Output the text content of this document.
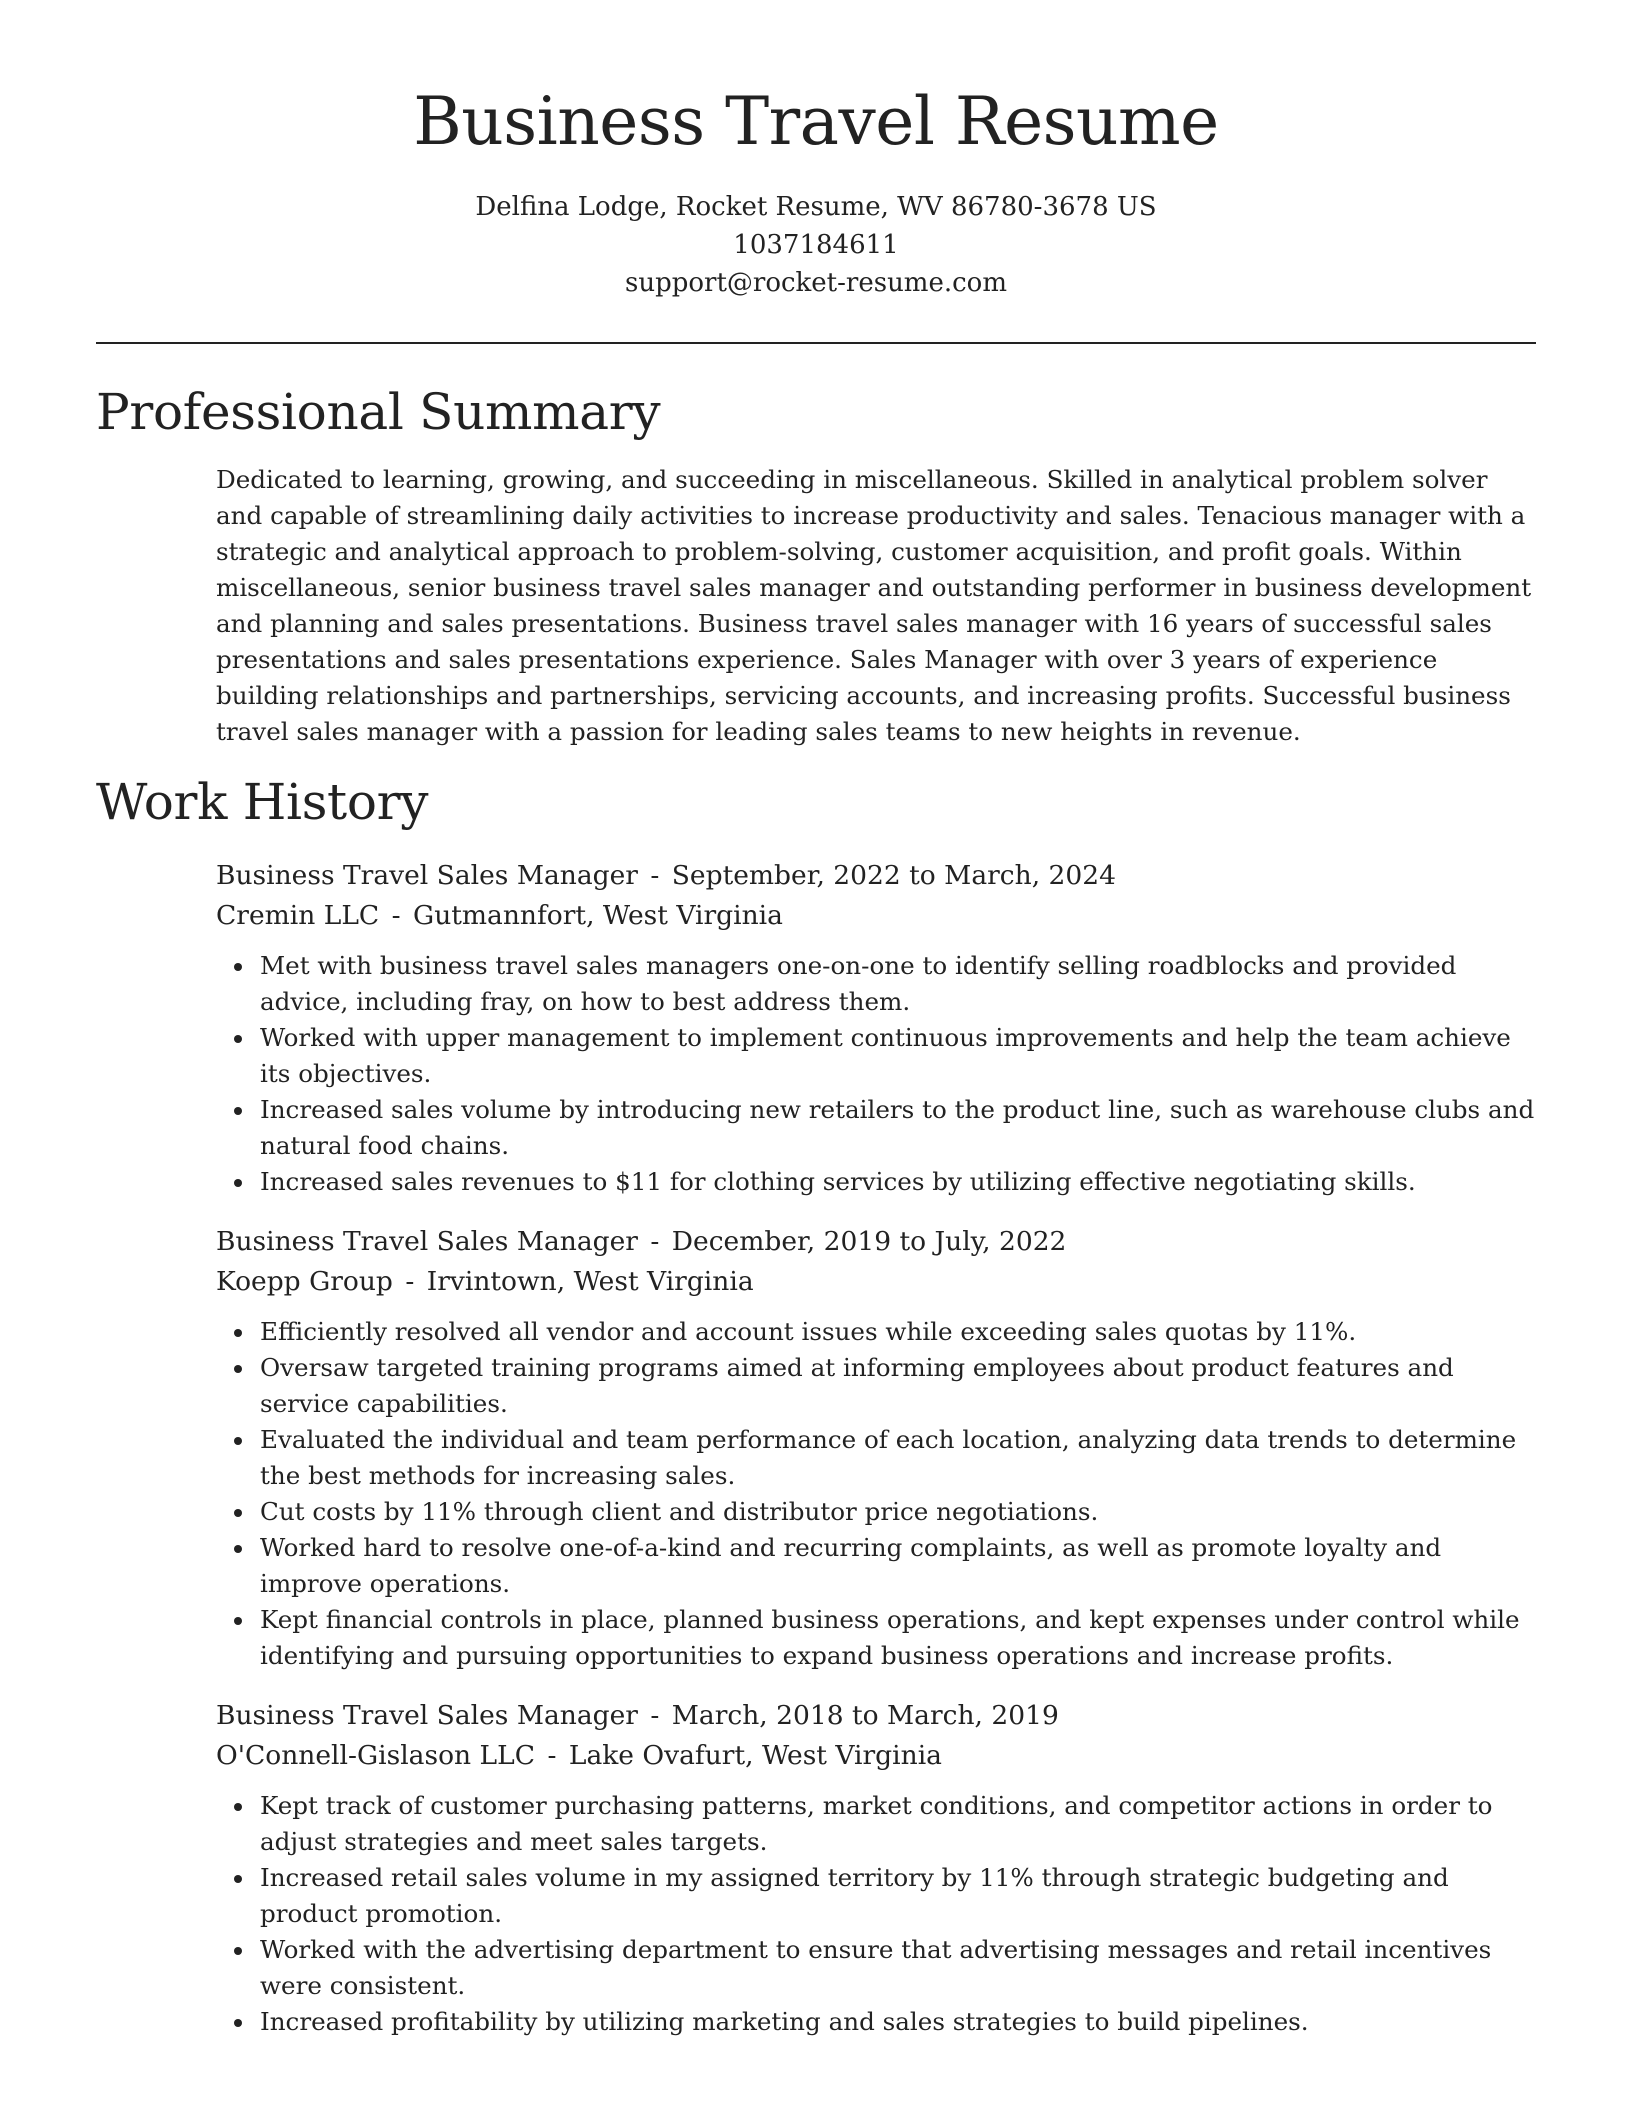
Business Travel Resume
Delfina Lodge, Rocket Resume, WV 86780-3678 US
1037184611
support@rocket-resume.com
Professional Summary

Dedicated to learning, growing, and succeeding in miscellaneous. Skilled in analytical problem solver and capable of streamlining daily activities to increase productivity and sales. Tenacious manager with a strategic and analytical approach to problem-solving, customer acquisition, and profit goals. Within miscellaneous, senior business travel sales manager and outstanding performer in business development and planning and sales presentations. Business travel sales manager with 16 years of successful sales presentations and sales presentations experience. Sales Manager with over 3 years of experience building relationships and partnerships, servicing accounts, and increasing profits. Successful business travel sales manager with a passion for leading sales teams to new heights in revenue.

Work History
Business Travel Sales Manager - September, 2022 to March, 2024
Cremin LLC - Gutmannfort, West Virginia
Met with business travel sales managers one-on-one to identify selling roadblocks and provided advice, including fray, on how to best address them.
Worked with upper management to implement continuous improvements and help the team achieve its objectives.
Increased sales volume by introducing new retailers to the product line, such as warehouse clubs and natural food chains.
Increased sales revenues to $11 for clothing services by utilizing effective negotiating skills.
Business Travel Sales Manager - December, 2019 to July, 2022
Koepp Group - Irvintown, West Virginia
Efficiently resolved all vendor and account issues while exceeding sales quotas by 11%.
Oversaw targeted training programs aimed at informing employees about product features and service capabilities.
Evaluated the individual and team performance of each location, analyzing data trends to determine the best methods for increasing sales.
Cut costs by 11% through client and distributor price negotiations.
Worked hard to resolve one-of-a-kind and recurring complaints, as well as promote loyalty and improve operations.
Kept financial controls in place, planned business operations, and kept expenses under control while identifying and pursuing opportunities to expand business operations and increase profits.
Business Travel Sales Manager - March, 2018 to March, 2019
O'Connell-Gislason LLC - Lake Ovafurt, West Virginia
Kept track of customer purchasing patterns, market conditions, and competitor actions in order to adjust strategies and meet sales targets.
Increased retail sales volume in my assigned territory by 11% through strategic budgeting and product promotion.
Worked with the advertising department to ensure that advertising messages and retail incentives were consistent.
Increased profitability by utilizing marketing and sales strategies to build pipelines.
